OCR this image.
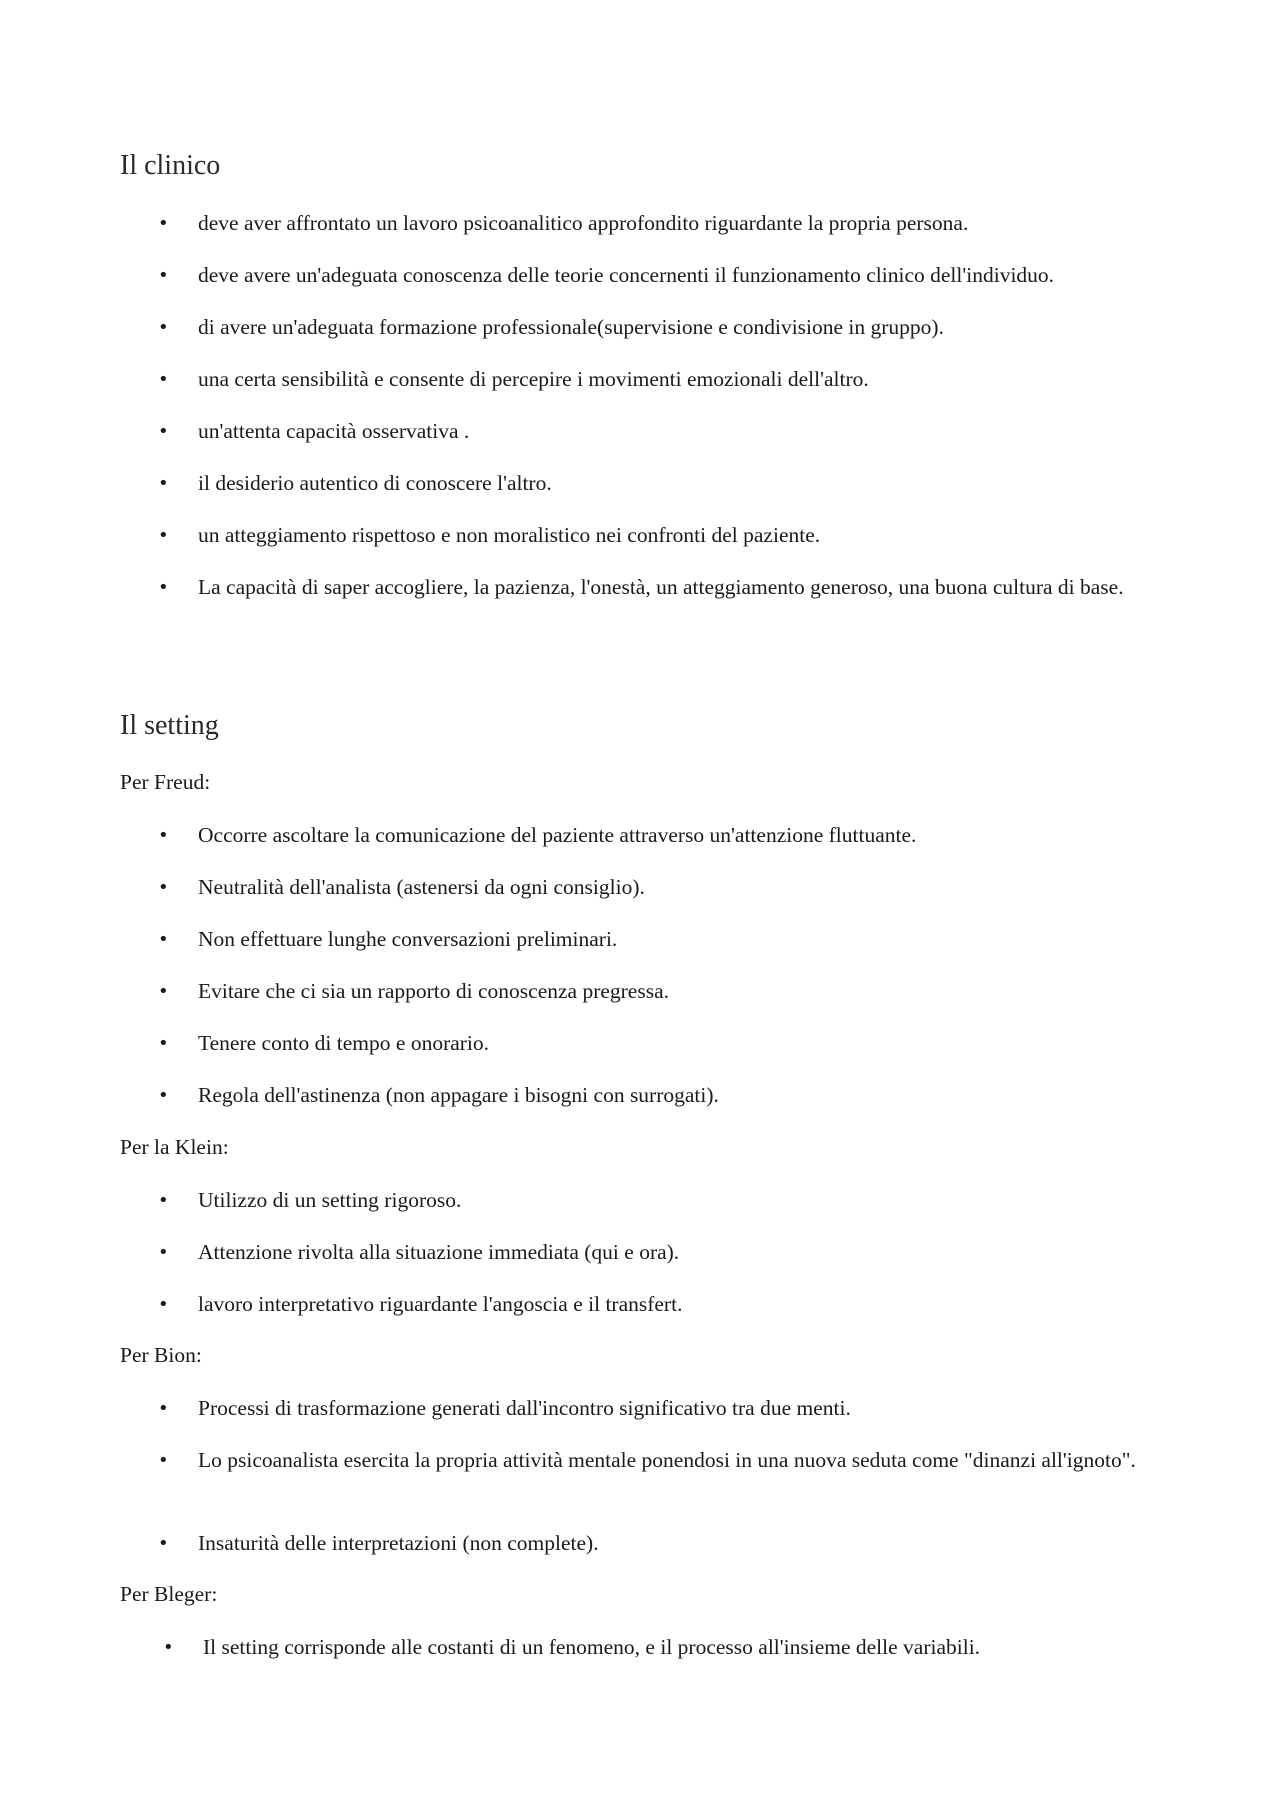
Il clinico
• deve aver affrontato un lavoro psicoanalitico approfondito riguardante la propria persona.
• deve avere un'adeguata conoscenza delle teorie concernenti il funzionamento clinico dell'individuo.
• di avere un'adeguata formazione professionale(supervisione e condivisione in gruppo).
• una certa sensibilità e consente di percepire i movimenti emozionali dell'altro.
• un'attenta capacità osservativa .
• il desiderio autentico di conoscere l'altro.
• un atteggiamento rispettoso e non moralistico nei confronti del paziente.
• La capacità di saper accogliere, la pazienza, l'onestà, un atteggiamento generoso, una buona cultura di base.
Il setting

Per Freud:

• Occorre ascoltare la comunicazione del paziente attraverso un'attenzione fluttuante.
• Neutralità dell'analista (astenersi da ogni consiglio).
• Non effettuare lunghe conversazioni preliminari.
• Evitare che ci sia un rapporto di conoscenza pregressa.
• Tenere conto di tempo e onorario.
• Regola dell'astinenza (non appagare i bisogni con surrogati).

Per la Klein:

• Utilizzo di un setting rigoroso.
• Attenzione rivolta alla situazione immediata (qui e ora).
• lavoro interpretativo riguardante l'angoscia e il transfert.

Per Bion:

• Processi di trasformazione generati dall'incontro significativo tra due menti.
• Lo psicoanalista esercita la propria attività mentale ponendosi in una nuova seduta come "dinanzi all'ignoto".
• Insaturità delle interpretazioni (non complete).

Per Bleger:

• Il setting corrisponde alle costanti di un fenomeno, e il processo all'insieme delle variabili.
